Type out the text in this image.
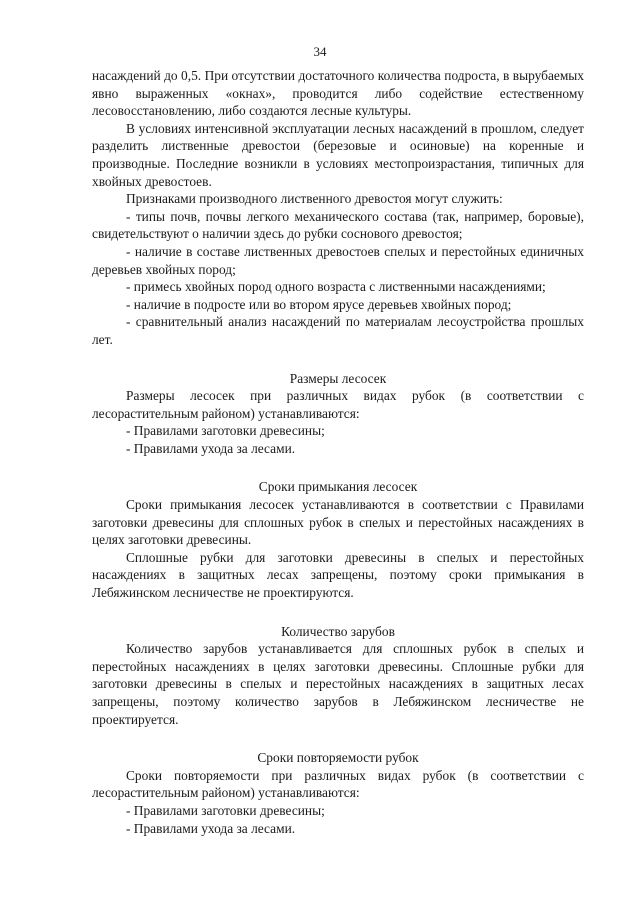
34

насаждений до 0,5. При отсутствии достаточного количества подроста, в вырубаемых явно выраженных «окнах», проводится либо содействие естественному лесовосстановлению, либо создаются лесные культуры.

В условиях интенсивной эксплуатации лесных насаждений в прошлом, следует разделить лиственные древостои (березовые и осиновые) на коренные и производные. Последние возникли в условиях местопроизрастания, типичных для хвойных древостоев.

Признаками производного лиственного древостоя могут служить:

- типы почв, почвы легкого механического состава (так, например, боровые), свидетельствуют о наличии здесь до рубки соснового древостоя;

- наличие в составе лиственных древостоев спелых и перестойных единичных деревьев хвойных пород;

- примесь хвойных пород одного возраста с лиственными насаждениями;

- наличие в подросте или во втором ярусе деревьев хвойных пород;

- сравнительный анализ насаждений по материалам лесоустройства прошлых лет.

Размеры лесосек

Размеры лесосек при различных видах рубок (в соответствии с лесорастительным районом) устанавливаются:

- Правилами заготовки древесины;

- Правилами ухода за лесами.

Сроки примыкания лесосек

Сроки примыкания лесосек устанавливаются в соответствии с Правилами заготовки древесины для сплошных рубок в спелых и перестойных насаждениях в целях заготовки древесины.

Сплошные рубки для заготовки древесины в спелых и перестойных насаждениях в защитных лесах запрещены, поэтому сроки примыкания в Лебяжинском лесничестве не проектируются.

Количество зарубов

Количество зарубов устанавливается для сплошных рубок в спелых и перестойных насаждениях в целях заготовки древесины. Сплошные рубки для заготовки древесины в спелых и перестойных насаждениях в защитных лесах запрещены, поэтому количество зарубов в Лебяжинском лесничестве не проектируется.

Сроки повторяемости рубок

Сроки повторяемости при различных видах рубок (в соответствии с лесорастительным районом) устанавливаются:

- Правилами заготовки древесины;

- Правилами ухода за лесами.
